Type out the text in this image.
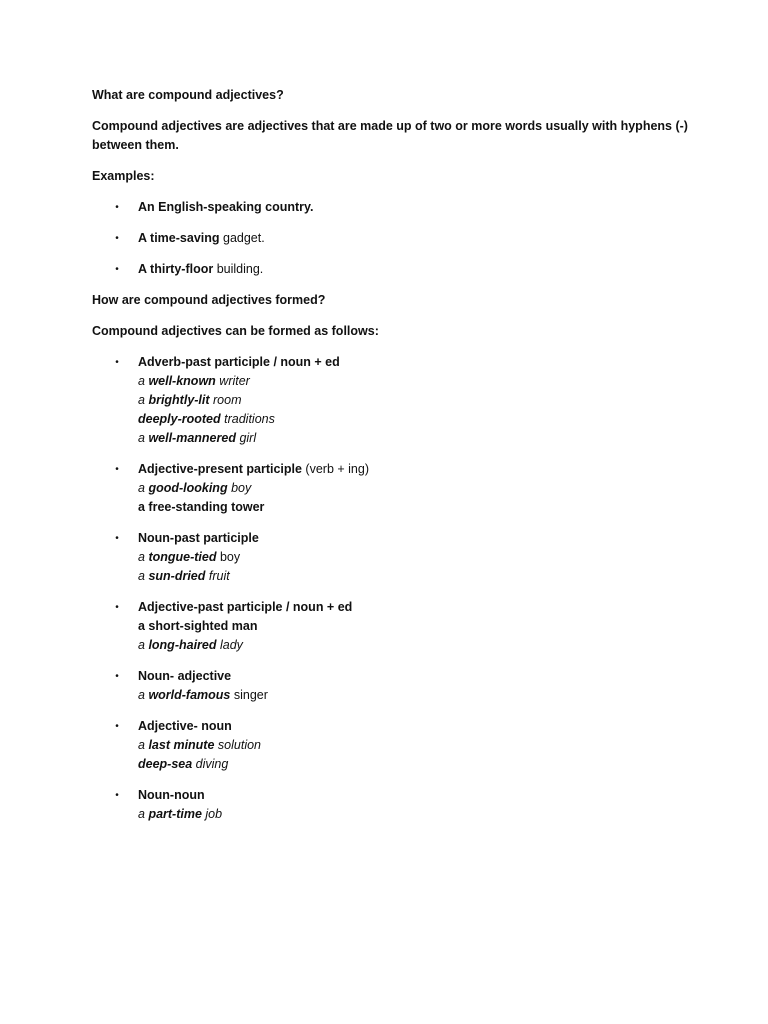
What are compound adjectives?

Compound adjectives are adjectives that are made up of two or more words usually with hyphens (-) between them.

Examples:

• An English-speaking country.
• A time-saving gadget.
• A thirty-floor building.

How are compound adjectives formed?

Compound adjectives can be formed as follows:

• Adverb-past participle / noun + ed
a well-known writer
a brightly-lit room
deeply-rooted traditions
a well-mannered girl
• Adjective-present participle (verb + ing)
a good-looking boy
a free-standing tower
• Noun-past participle
a tongue-tied boy
a sun-dried fruit
• Adjective-past participle / noun + ed
a short-sighted man
a long-haired lady
• Noun- adjective
a world-famous singer
• Adjective- noun
a last minute solution
deep-sea diving
• Noun-noun
a part-time job
